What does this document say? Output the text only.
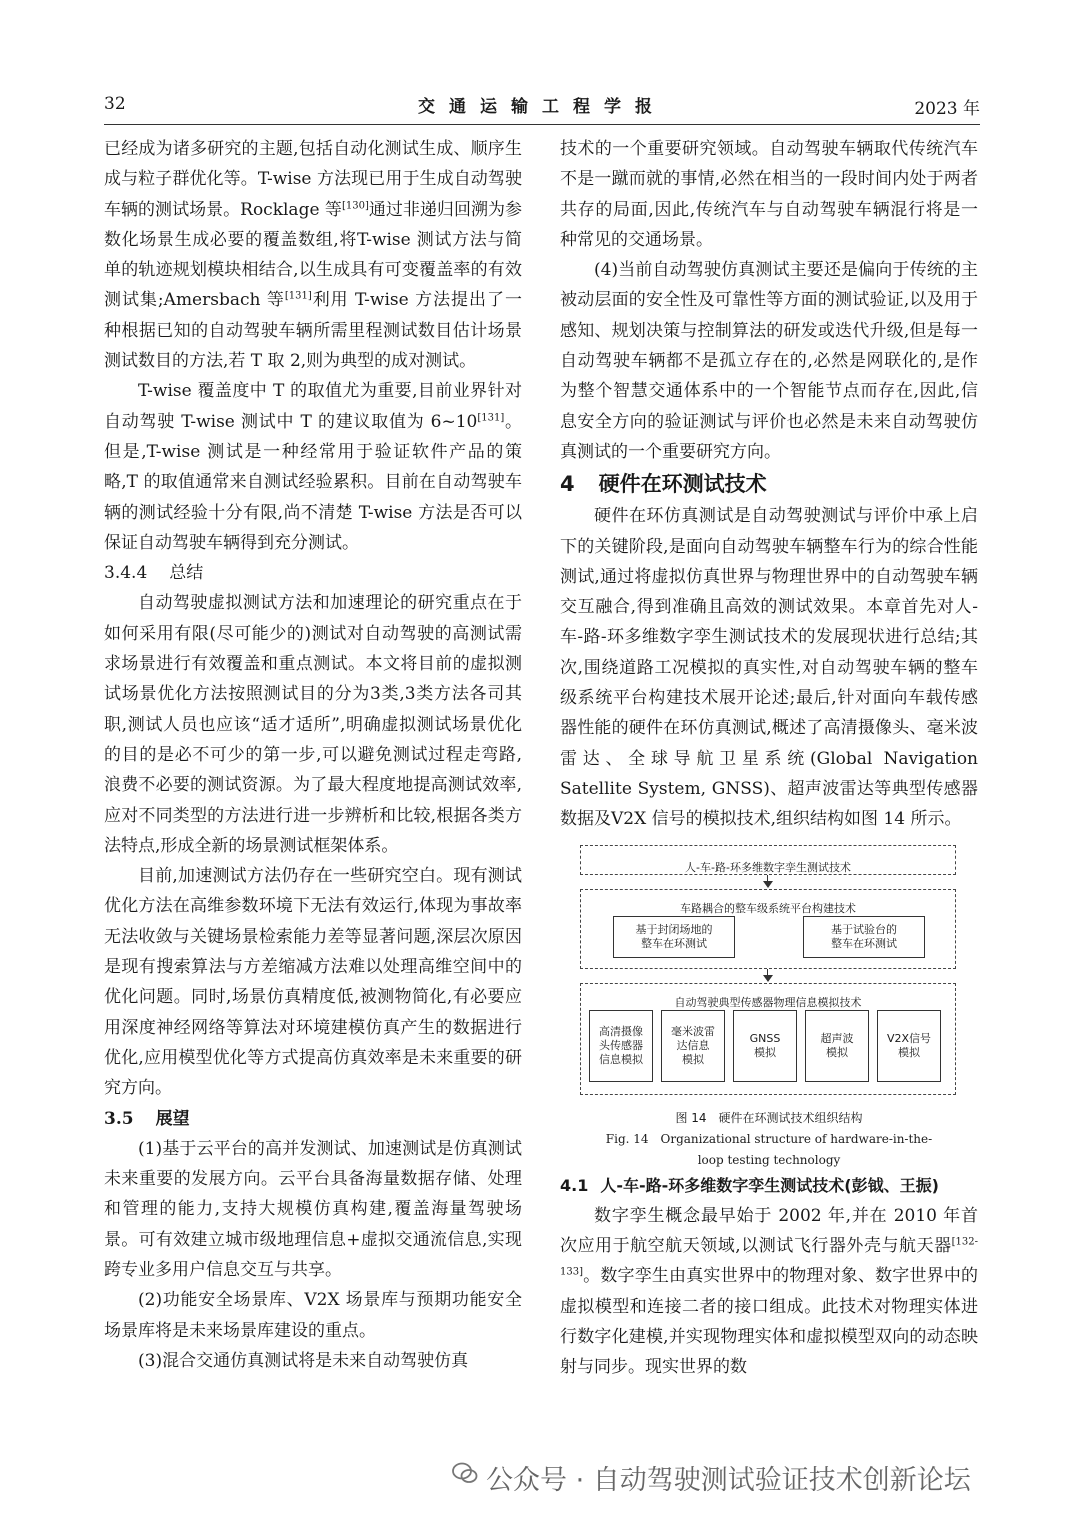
32	交通运输工程学报	2023 年

已经成为诸多研究的主题,包括自动化测试生成、顺序生成与粒子群优化等。T-wise 方法现已用于生成自动驾驶车辆的测试场景。Rocklage 等[130]通过非递归回溯为参数化场景生成必要的覆盖数组,将T-wise 测试方法与简单的轨迹规划模块相结合,以生成具有可变覆盖率的有效测试集;Amersbach 等[131]利用 T-wise 方法提出了一种根据已知的自动驾驶车辆所需里程测试数目估计场景测试数目的方法,若 T 取 2,则为典型的成对测试。

T-wise 覆盖度中 T 的取值尤为重要,目前业界针对自动驾驶 T-wise 测试中 T 的建议取值为 6~10[131]。但是,T-wise 测试是一种经常用于验证软件产品的策略,T 的取值通常来自测试经验累积。目前在自动驾驶车辆的测试经验十分有限,尚不清楚 T-wise 方法是否可以保证自动驾驶车辆得到充分测试。

3.4.4 总结

自动驾驶虚拟测试方法和加速理论的研究重点在于如何采用有限(尽可能少的)测试对自动驾驶的高测试需求场景进行有效覆盖和重点测试。本文将目前的虚拟测试场景优化方法按照测试目的分为3类,3类方法各司其职,测试人员也应该“适才适所”,明确虚拟测试场景优化的目的是必不可少的第一步,可以避免测试过程走弯路,浪费不必要的测试资源。为了最大程度地提高测试效率,应对不同类型的方法进行进一步辨析和比较,根据各类方法特点,形成全新的场景测试框架体系。

目前,加速测试方法仍存在一些研究空白。现有测试优化方法在高维参数环境下无法有效运行,体现为事故率无法收敛与关键场景检索能力差等显著问题,深层次原因是现有搜索算法与方差缩减方法难以处理高维空间中的优化问题。同时,场景仿真精度低,被测物简化,有必要应用深度神经网络等算法对环境建模仿真产生的数据进行优化,应用模型优化等方式提高仿真效率是未来重要的研究方向。

3.5 展望

(1)基于云平台的高并发测试、加速测试是仿真测试未来重要的发展方向。云平台具备海量数据存储、处理和管理的能力,支持大规模仿真构建,覆盖海量驾驶场景。可有效建立城市级地理信息+虚拟交通流信息,实现跨专业多用户信息交互与共享。

(2)功能安全场景库、V2X 场景库与预期功能安全场景库将是未来场景库建设的重点。

(3)混合交通仿真测试将是未来自动驾驶仿真

技术的一个重要研究领域。自动驾驶车辆取代传统汽车不是一蹴而就的事情,必然在相当的一段时间内处于两者共存的局面,因此,传统汽车与自动驾驶车辆混行将是一种常见的交通场景。

(4)当前自动驾驶仿真测试主要还是偏向于传统的主被动层面的安全性及可靠性等方面的测试验证,以及用于感知、规划决策与控制算法的研发或迭代升级,但是每一自动驾驶车辆都不是孤立存在的,必然是网联化的,是作为整个智慧交通体系中的一个智能节点而存在,因此,信息安全方向的验证测试与评价也必然是未来自动驾驶仿真测试的一个重要研究方向。

4 硬件在环测试技术

硬件在环仿真测试是自动驾驶测试与评价中承上启下的关键阶段,是面向自动驾驶车辆整车行为的综合性能测试,通过将虚拟仿真世界与物理世界中的自动驾驶车辆交互融合,得到准确且高效的测试效果。本章首先对人-车-路-环多维数字孪生测试技术的发展现状进行总结;其次,围绕道路工况模拟的真实性,对自动驾驶车辆的整车级系统平台构建技术展开论述;最后,针对面向车载传感器性能的硬件在环仿真测试,概述了高清摄像头、毫米波雷达、全球导航卫星系统(Global Navigation Satellite System, GNSS)、超声波雷达等典型传感器数据及V2X 信号的模拟技术,组织结构如图 14 所示。

人-车-路-环多维数字孪生测试技术
车路耦合的整车级系统平台构建技术
基于封闭场地的
整车在环测试
基于试验台的
整车在环测试
自动驾驶典型传感器物理信息模拟技术
高清摄像
头传感器
信息模拟
毫米波雷
达信息
模拟
GNSS
模拟
超声波
模拟
V2X信号
模拟
图 14　硬件在环测试技术组织结构
Fig. 14　Organizational structure of hardware-in-the-
loop testing technology

4.1 人-车-路-环多维数字孪生测试技术(彭钺、王振)

数字孪生概念最早始于 2002 年,并在 2010 年首次应用于航空航天领域,以测试飞行器外壳与航天器[132-133]。数字孪生由真实世界中的物理对象、数字世界中的虚拟模型和连接二者的接口组成。此技术对物理实体进行数字化建模,并实现物理实体和虚拟模型双向的动态映射与同步。现实世界的数

公众号 · 自动驾驶测试验证技术创新论坛
